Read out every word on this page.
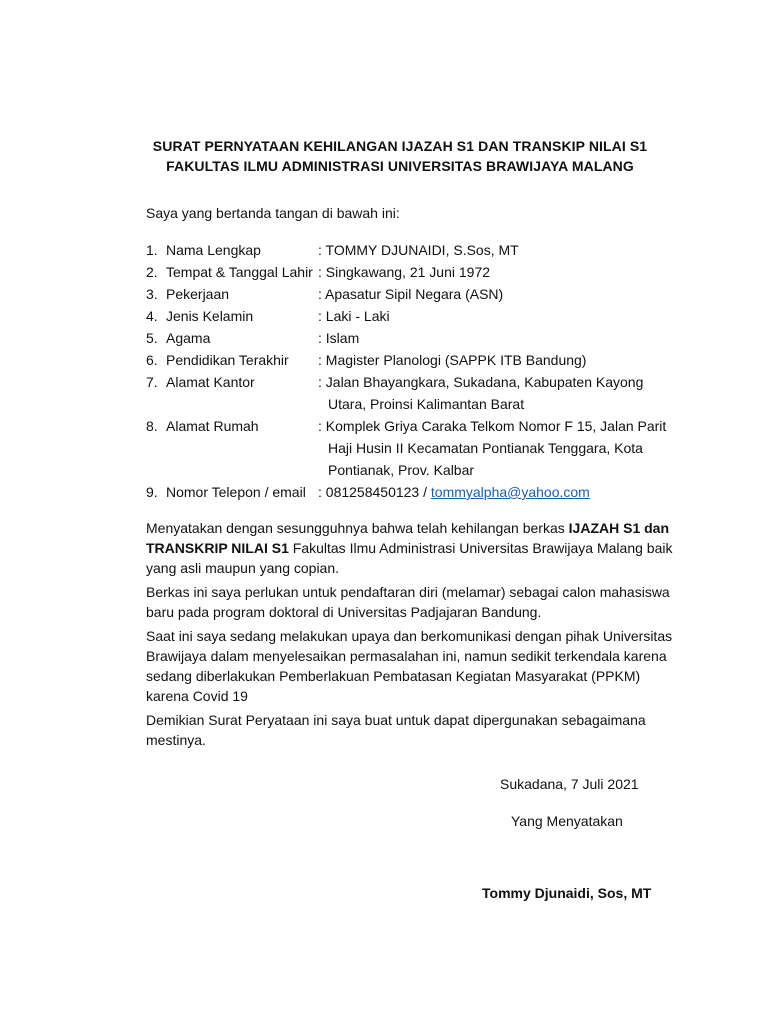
SURAT PERNYATAAN KEHILANGAN IJAZAH S1 DAN TRANSKIP NILAI S1
FAKULTAS ILMU ADMINISTRASI UNIVERSITAS BRAWIJAYA MALANG
Saya yang bertanda tangan di bawah ini:
1. Nama Lengkap	: TOMMY DJUNAIDI, S.Sos, MT
2. Tempat & Tanggal Lahir : Singkawang, 21 Juni 1972
3. Pekerjaan	: Apasatur Sipil Negara (ASN)
4. Jenis Kelamin	: Laki - Laki
5. Agama	: Islam
6. Pendidikan Terakhir	: Magister Planologi (SAPPK ITB Bandung)
7. Alamat Kantor	: Jalan Bhayangkara, Sukadana, Kabupaten Kayong
Utara, Proinsi Kalimantan Barat
8. Alamat Rumah	: Komplek Griya Caraka Telkom Nomor F 15, Jalan Parit
Haji Husin II Kecamatan Pontianak Tenggara, Kota
Pontianak, Prov. Kalbar
9. Nomor Telepon / email : 081258450123 / tommyalpha@yahoo.com

Menyatakan dengan sesungguhnya bahwa telah kehilangan berkas IJAZAH S1 dan
TRANSKRIP NILAI S1 Fakultas Ilmu Administrasi Universitas Brawijaya Malang baik
yang asli maupun yang copian.

Berkas ini saya perlukan untuk pendaftaran diri (melamar) sebagai calon mahasiswa
baru pada program doktoral di Universitas Padjajaran Bandung.

Saat ini saya sedang melakukan upaya dan berkomunikasi dengan pihak Universitas
Brawijaya dalam menyelesaikan permasalahan ini, namun sedikit terkendala karena
sedang diberlakukan Pemberlakuan Pembatasan Kegiatan Masyarakat (PPKM)
karena Covid 19

Demikian Surat Peryataan ini saya buat untuk dapat dipergunakan sebagaimana
mestinya.

Sukadana, 7 Juli 2021
Yang Menyatakan
Tommy Djunaidi, Sos, MT
